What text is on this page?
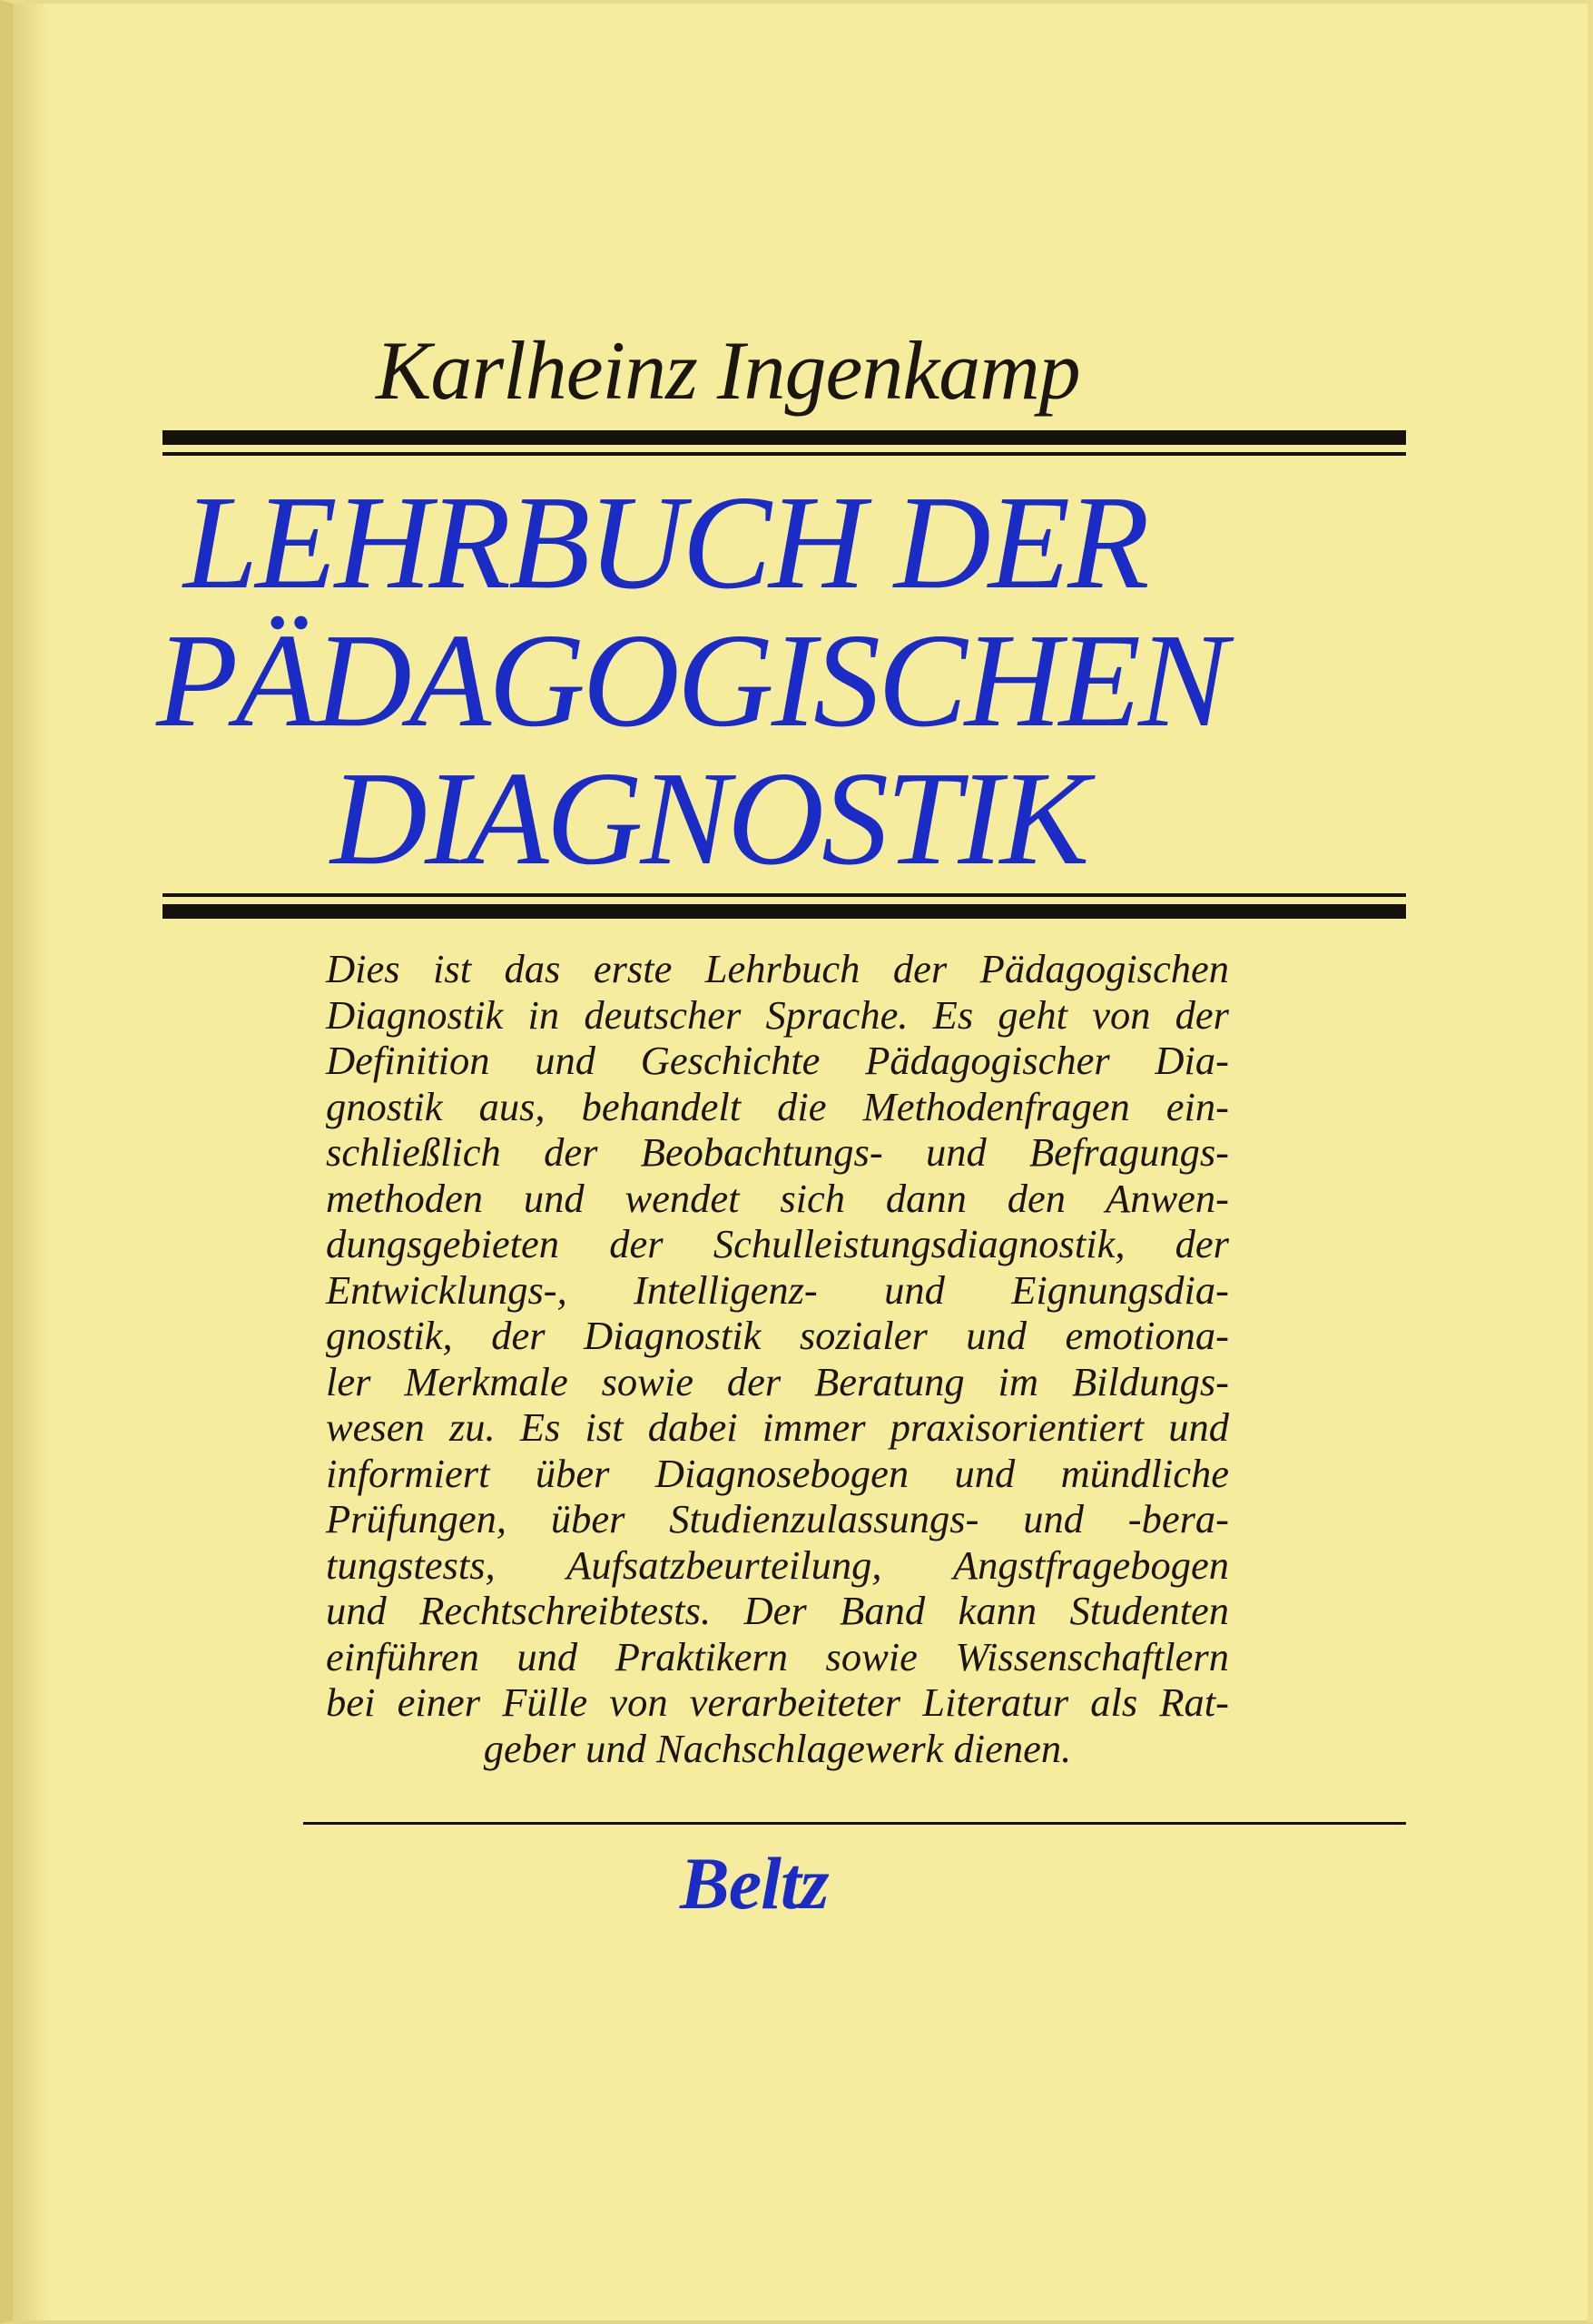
Karlheinz Ingenkamp
LEHRBUCH DER
PÄDAGOGISCHEN
DIAGNOSTIK
Dies ist das erste Lehrbuch der Pädagogischen
Diagnostik in deutscher Sprache. Es geht von der
Definition und Geschichte Pädagogischer Dia-
gnostik aus, behandelt die Methodenfragen ein-
schließlich der Beobachtungs- und Befragungs-
methoden und wendet sich dann den Anwen-
dungsgebieten der Schulleistungsdiagnostik, der
Entwicklungs-, Intelligenz- und Eignungsdia-
gnostik, der Diagnostik sozialer und emotiona-
ler Merkmale sowie der Beratung im Bildungs-
wesen zu. Es ist dabei immer praxisorientiert und
informiert über Diagnosebogen und mündliche
Prüfungen, über Studienzulassungs- und -bera-
tungstests, Aufsatzbeurteilung, Angstfragebogen
und Rechtschreibtests. Der Band kann Studenten
einführen und Praktikern sowie Wissenschaftlern
bei einer Fülle von verarbeiteter Literatur als Rat-
geber und Nachschlagewerk dienen.
Beltz
